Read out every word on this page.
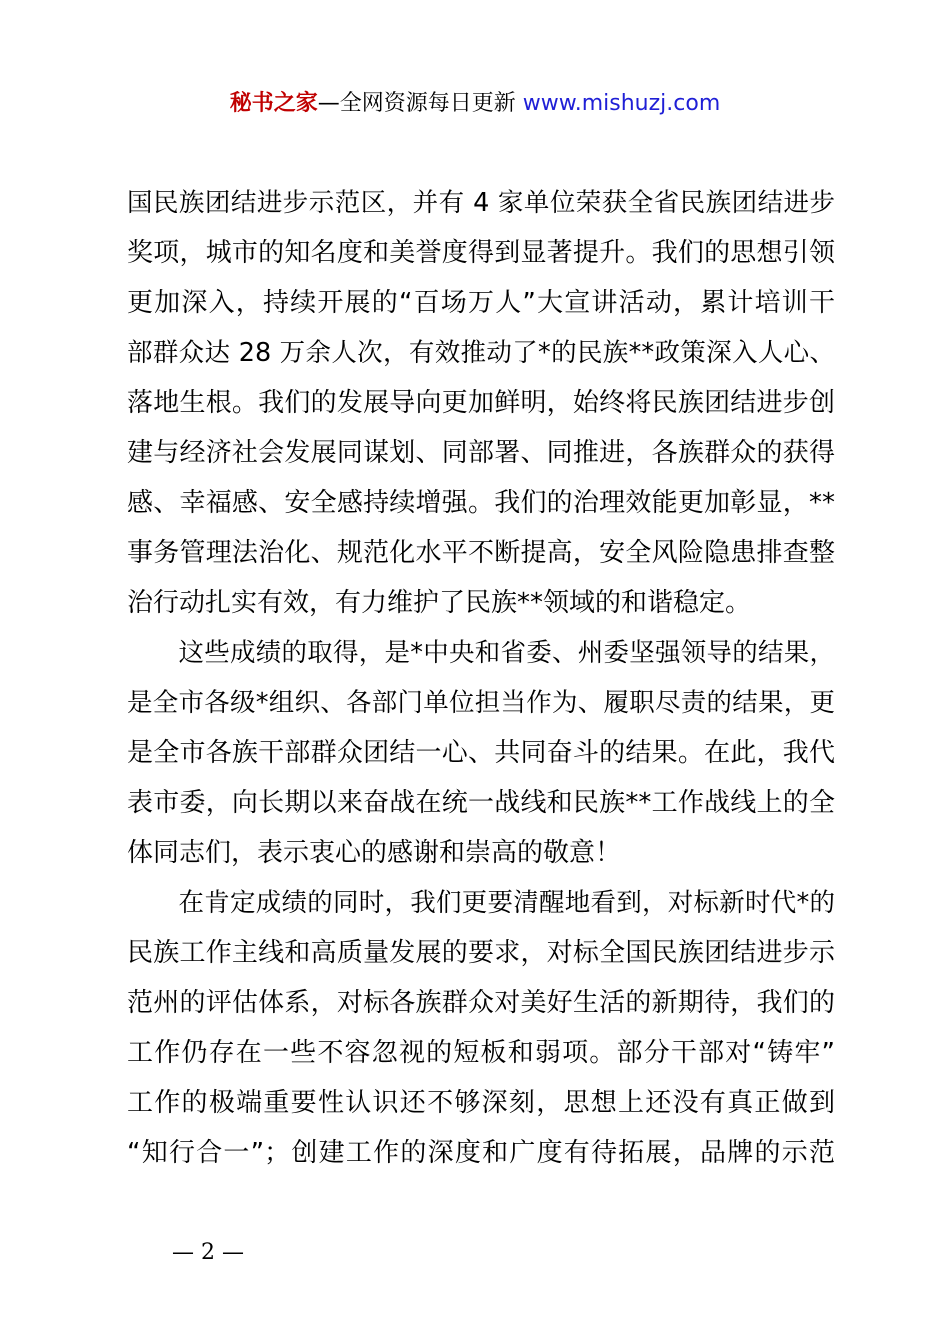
秘书之家—全网资源每日更新 www.mishuzj.com
国民族团结进步示范区，并有 4 家单位荣获全省民族团结进步
奖项，城市的知名度和美誉度得到显著提升。我们的思想引领
更加深入，持续开展的“百场万人”大宣讲活动，累计培训干
部群众达 28 万余人次，有效推动了*的民族**政策深入人心、
落地生根。我们的发展导向更加鲜明，始终将民族团结进步创
建与经济社会发展同谋划、同部署、同推进，各族群众的获得
感、幸福感、安全感持续增强。我们的治理效能更加彰显，**
事务管理法治化、规范化水平不断提高，安全风险隐患排查整
治行动扎实有效，有力维护了民族**领域的和谐稳定。
　　这些成绩的取得，是*中央和省委、州委坚强领导的结果，
是全市各级*组织、各部门单位担当作为、履职尽责的结果，更
是全市各族干部群众团结一心、共同奋斗的结果。在此，我代
表市委，向长期以来奋战在统一战线和民族**工作战线上的全
体同志们，表示衷心的感谢和崇高的敬意！
　　在肯定成绩的同时，我们更要清醒地看到，对标新时代*的
民族工作主线和高质量发展的要求，对标全国民族团结进步示
范州的评估体系，对标各族群众对美好生活的新期待，我们的
工作仍存在一些不容忽视的短板和弱项。部分干部对“铸牢”
工作的极端重要性认识还不够深刻，思想上还没有真正做到
“知行合一”；创建工作的深度和广度有待拓展，品牌的示范
— 2 —
